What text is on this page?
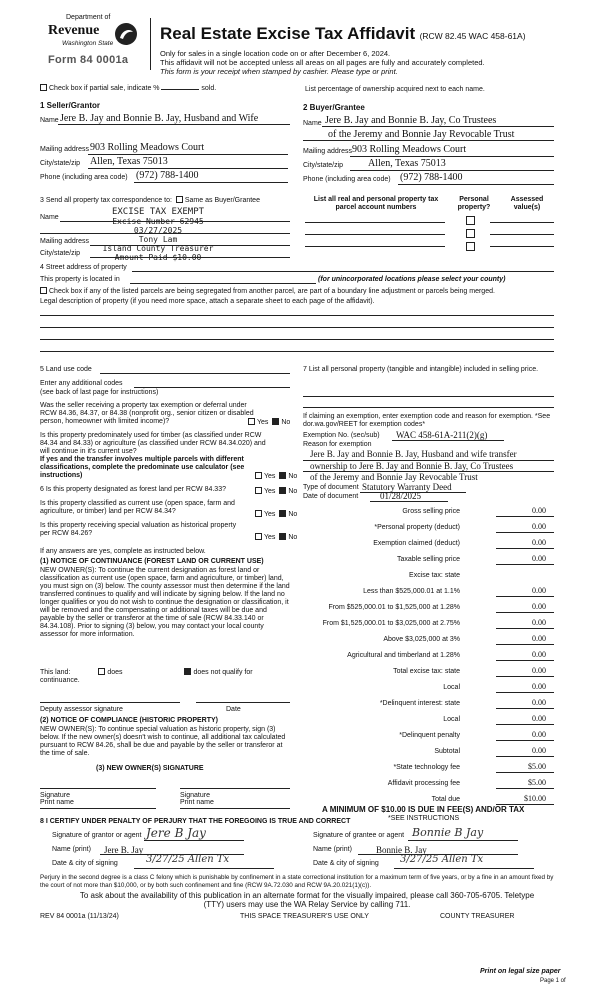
Department of
Revenue
Washington State
Form 84 0001a
Real Estate Excise Tax Affidavit (RCW 82.45 WAC 458-61A)
Only for sales in a single location code on or after December 6, 2024.
This affidavit will not be accepted unless all areas on all pages are fully and accurately completed.
This form is your receipt when stamped by cashier. Please type or print.
Check box if partial sale, indicate %	sold.	List percentage of ownership acquired next to each name.
1 Seller/Grantor
Name Jere B. Jay and Bonnie B. Jay, Husband and Wife
Mailing address 903 Rolling Meadows Court
City/state/zip Allen, Texas 75013
Phone (including area code) (972) 788-1400
2 Buyer/Grantee
Name Jere B. Jay and Bonnie B. Jay, Co Trustees
of the Jeremy and Bonnie Jay Revocable Trust
Mailing address 903 Rolling Meadows Court
City/state/zip Allen, Texas 75013
Phone (including area code) (972) 788-1400
3 Send all property tax correspondence to: Same as Buyer/Grantee
Name
Mailing address
City/state/zip
EXCISE TAX EXEMPT
Excise Number 62945
03/27/2025
Tony Lam
Island County Treasurer
Amount Paid $10.00
List all real and personal property tax parcel account numbers
Personal property?
Assessed value(s)
4 Street address of property
This property is located in	(for unincorporated locations please select your county)
Check box if any of the listed parcels are being segregated from another parcel, are part of a boundary line adjustment or parcels being merged.
Legal description of property (if you need more space, attach a separate sheet to each page of the affidavit).
5 Land use code
Enter any additional codes
(see back of last page for instructions)
Was the seller receiving a property tax exemption or deferral under RCW 84.36, 84.37, or 84.38 (nonprofit org., senior citizen or disabled person, homeowner with limited income)?	Yes No
Is this property predominately used for timber (as classified under RCW 84.34 and 84.33) or agriculture (as classified under RCW 84.34.020) and will continue in it's current use?
If yes and the transfer involves multiple parcels with different classifications, complete the predominate use calculator (see instructions)	Yes No
6 Is this property designated as forest land per RCW 84.33?	Yes No
Is this property classified as current use (open space, farm and agriculture, or timber) land per RCW 84.34?	Yes No
Is this property receiving special valuation as historical property per RCW 84.26?
Yes No
If any answers are yes, complete as instructed below.
(1) NOTICE OF CONTINUANCE (FOREST LAND OR CURRENT USE)
NEW OWNER(S): To continue the current designation as forest land or classification as current use (open space, farm and agriculture, or timber) land, you must sign on (3) below. The county assessor must then determine if the land transferred continues to qualify and will indicate by signing below. If the land no longer qualifies or you do not wish to continue the designation or classification, it will be removed and the compensating or additional taxes will be due and payable by the seller or transferor at the time of sale (RCW 84.33.140 or 84.34.108). Prior to signing (3) below, you may contact your local county assessor for more information.
This land:	does	does not qualify for
continuance.
Deputy assessor signature	Date
(2) NOTICE OF COMPLIANCE (HISTORIC PROPERTY)
NEW OWNER(S): To continue special valuation as historic property, sign (3) below. If the new owner(s) doesn't wish to continue, all additional tax calculated pursuant to RCW 84.26, shall be due and payable by the seller or transferor at the time of sale.
(3) NEW OWNER(S) SIGNATURE
Signature	Signature
Print name	Print name
7 List all personal property (tangible and intangible) included in selling price.
If claiming an exemption, enter exemption code and reason for exemption. *See dor.wa.gov/REET for exemption codes*
Exemption No. (sec/sub) WAC 458-61A-211(2)(g)
Reason for exemption
Jere B. Jay and Bonnie B. Jay, Husband and wife transfer
ownership to Jere B. Jay and Bonnie B. Jay, Co Trustees
of the Jeremy and Bonnie Jay Revocable Trust
Type of document Statutory Warranty Deed
Date of document 01/28/2025
Gross selling price	0.00
*Personal property (deduct)	0.00
Exemption claimed (deduct)	0.00
Taxable selling price	0.00
Excise tax: state
Less than $525,000.01 at 1.1%	0.00
From $525,000.01 to $1,525,000 at 1.28%	0.00
From $1,525,000.01 to $3,025,000 at 2.75%	0.00
Above $3,025,000 at 3%	0.00
Agricultural and timberland at 1.28%	0.00
Total excise tax: state	0.00
Local	0.00
*Delinquent interest: state	0.00
Local	0.00
*Delinquent penalty	0.00
Subtotal	0.00
*State technology fee	$5.00
Affidavit processing fee	$5.00
Total due	$10.00
A MINIMUM OF $10.00 IS DUE IN FEE(S) AND/OR TAX
*SEE INSTRUCTIONS
8 I CERTIFY UNDER PENALTY OF PERJURY THAT THE FOREGOING IS TRUE AND CORRECT
Signature of grantor or agent Jere B Jay
Name (print) Jere B. Jay
Date & city of signing	3/27/25 Allen Tx
Signature of grantee or agent Bonnie B Jay
Name (print)	Bonnie B. Jay
Date & city of signing 3/27/25 Allen Tx
Perjury in the second degree is a class C felony which is punishable by confinement in a state correctional institution for a maximum term of five years, or by a fine in an amount fixed by the court of not more than $10,000, or by both such confinement and fine (RCW 9A.72.030 and RCW 9A.20.021(1)(c)).
To ask about the availability of this publication in an alternate format for the visually impaired, please call 360-705-6705. Teletype (TTY) users may use the WA Relay Service by calling 711.
REV 84 0001a (11/13/24)	THIS SPACE TREASURER'S USE ONLY	COUNTY TREASURER
Print on legal size paper
Page 1 of
